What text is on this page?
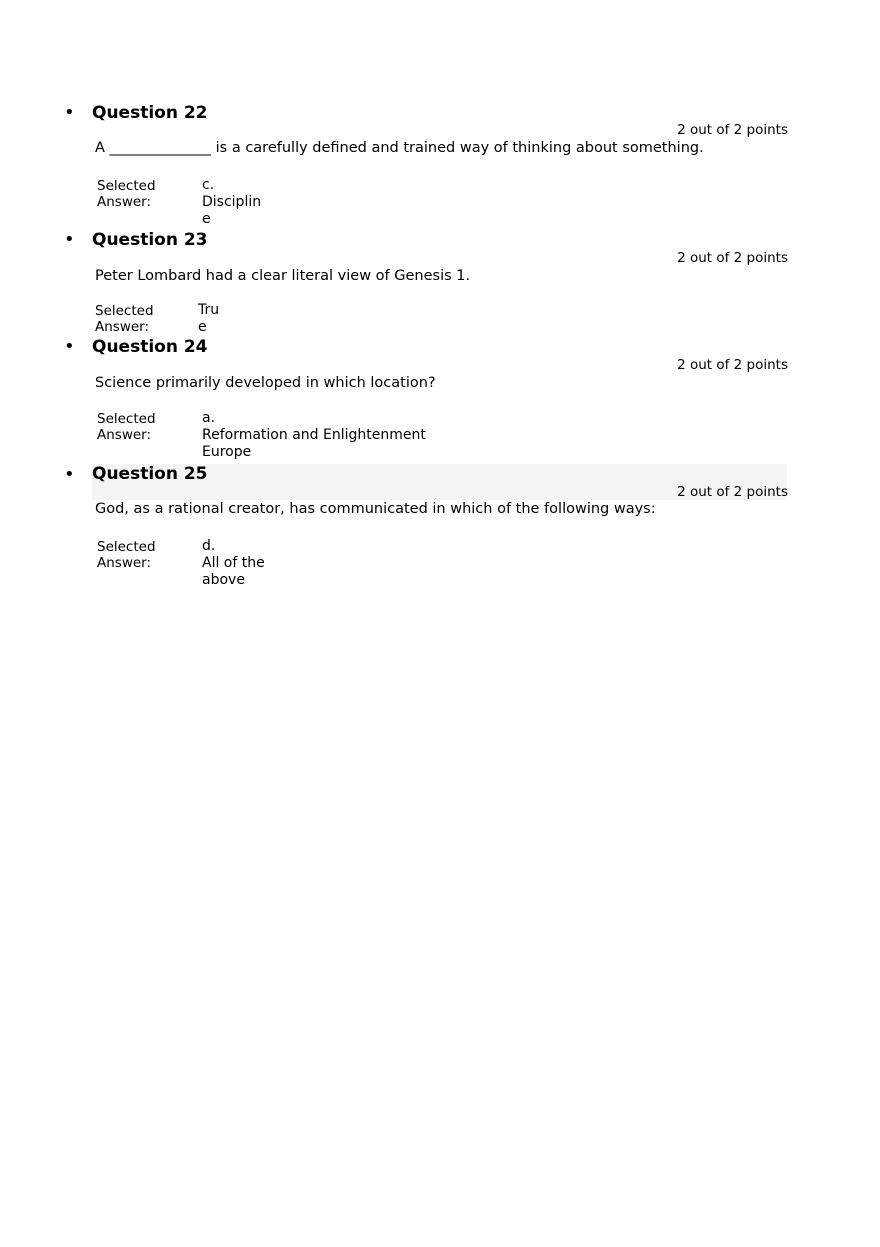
• Question 22
2 out of 2 points
A ______________ is a carefully defined and trained way of thinking about something.
Selected
Answer:
c.
Disciplin
e
• Question 23
2 out of 2 points
Peter Lombard had a clear literal view of Genesis 1.
Selected
Answer:
Tru
e
• Question 24
2 out of 2 points
Science primarily developed in which location?
Selected
Answer:
a.
Reformation and Enlightenment
Europe
• Question 25
2 out of 2 points
God, as a rational creator, has communicated in which of the following ways:
Selected
Answer:
d.
All of the
above
